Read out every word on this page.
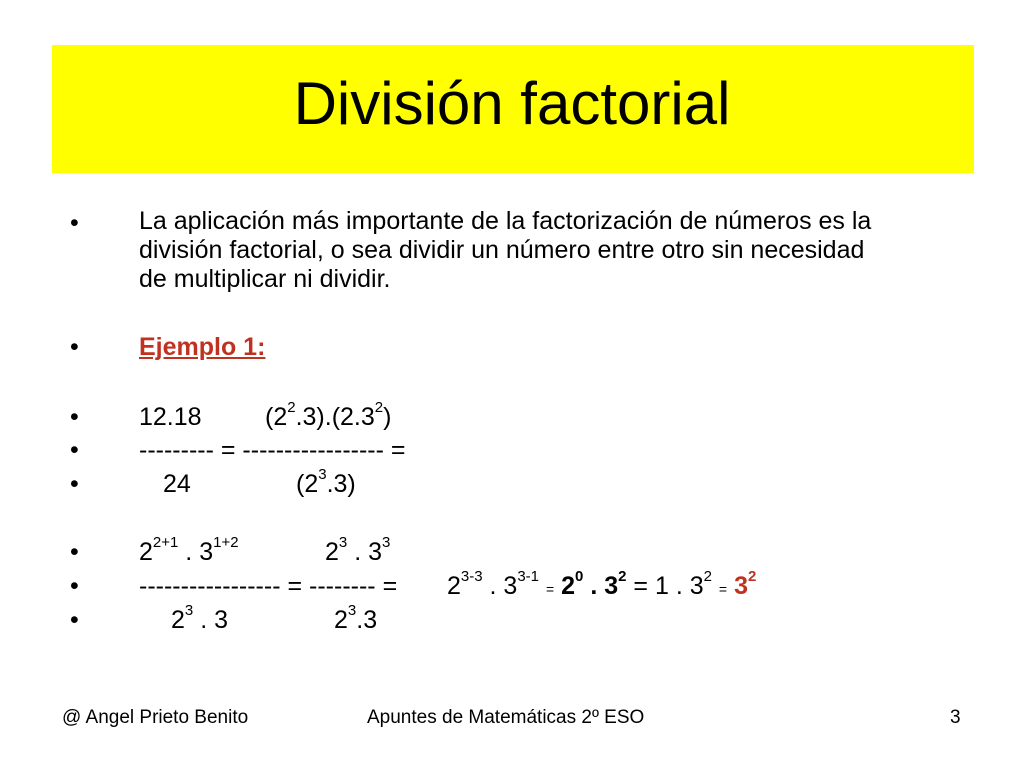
División factorial
•
•
•
•
•
•
•
•
La aplicación más importante de la factorización de números es la
división factorial, o sea dividir un número entre otro sin necesidad
de multiplicar ni dividir.
Ejemplo 1:
12.18	$(2^2.3).(2.3^2)$
--------- = ----------------- =
24	$(2^3.3)$
$2^{2+1}$ . $3^{1+2}$	$2^3$ . $3^3$
----------------- = -------- = $2^{3-3}$ . $3^{3-1} = 2^0$ . $3^2 = 1$ . $3^2 = 3^2$
$2^3$ . 3	$2^3.3$
@ Angel Prieto Benito	Apuntes de Matemáticas 2º ESO	3
